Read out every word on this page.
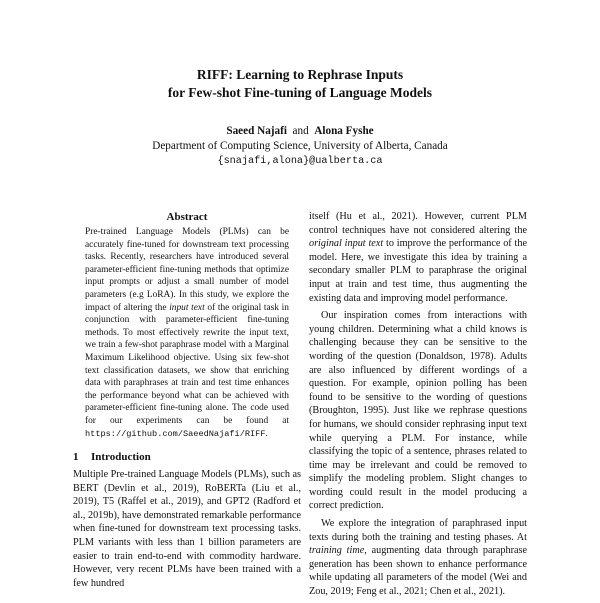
RIFF: Learning to Rephrase Inputs
for Few-shot Fine-tuning of Language Models
Saeed Najafi and Alona Fyshe
Department of Computing Science, University of Alberta, Canada
{snajafi,alona}@ualberta.ca
Abstract

Pre-trained Language Models (PLMs) can be accurately fine-tuned for downstream text processing tasks. Recently, researchers have introduced several parameter-efficient fine-tuning methods that optimize input prompts or adjust a small number of model parameters (e.g LoRA). In this study, we explore the impact of altering the input text of the original task in conjunction with parameter-efficient fine-tuning methods. To most effectively rewrite the input text, we train a few-shot paraphrase model with a Marginal Maximum Likelihood objective. Using six few-shot text classification datasets, we show that enriching data with paraphrases at train and test time enhances the performance beyond what can be achieved with parameter-efficient fine-tuning alone. The code used for our experiments can be found at https://github.com/SaeedNajafi/RIFF.

1 Introduction

Multiple Pre-trained Language Models (PLMs), such as BERT (Devlin et al., 2019), RoBERTa (Liu et al., 2019), T5 (Raffel et al., 2019), and GPT2 (Radford et al., 2019b), have demonstrated remarkable performance when fine-tuned for downstream text processing tasks. PLM variants with less than 1 billion parameters are easier to train end-to-end with commodity hardware. However, very recent PLMs have been trained with a few hundred

itself (Hu et al., 2021). However, current PLM control techniques have not considered altering the original input text to improve the performance of the model. Here, we investigate this idea by training a secondary smaller PLM to paraphrase the original input at train and test time, thus augmenting the existing data and improving model performance.

Our inspiration comes from interactions with young children. Determining what a child knows is challenging because they can be sensitive to the wording of the question (Donaldson, 1978). Adults are also influenced by different wordings of a question. For example, opinion polling has been found to be sensitive to the wording of questions (Broughton, 1995). Just like we rephrase questions for humans, we should consider rephrasing input text while querying a PLM. For instance, while classifying the topic of a sentence, phrases related to time may be irrelevant and could be removed to simplify the modeling problem. Slight changes to wording could result in the model producing a correct prediction.

We explore the integration of paraphrased input texts during both the training and testing phases. At training time, augmenting data through paraphrase generation has been shown to enhance performance while updating all parameters of the model (Wei and Zou, 2019; Feng et al., 2021; Chen et al., 2021).
